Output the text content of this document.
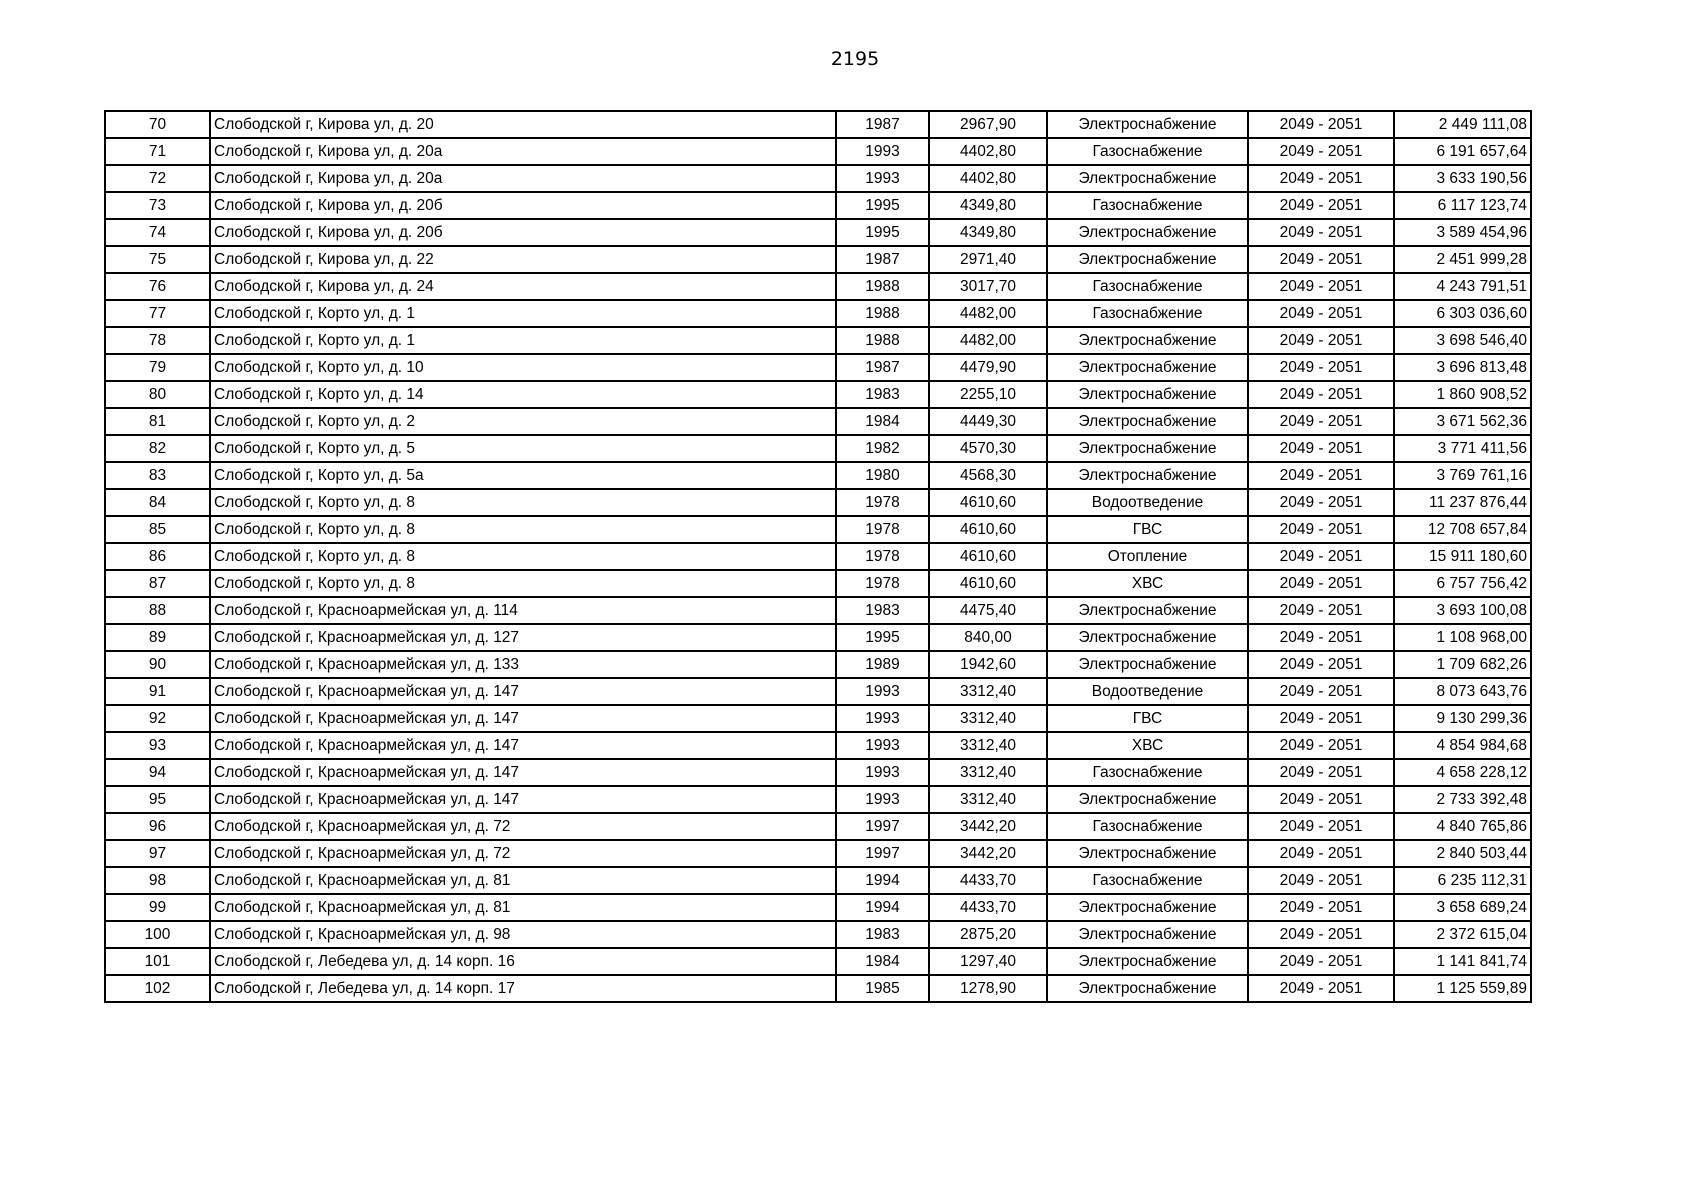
2195
70	Слободской г, Кирова ул, д. 20	1987	2967,90	Электроснабжение	2049 - 2051	2 449 111,08
71	Слободской г, Кирова ул, д. 20а	1993	4402,80	Газоснабжение	2049 - 2051	6 191 657,64
72	Слободской г, Кирова ул, д. 20а	1993	4402,80	Электроснабжение	2049 - 2051	3 633 190,56
73	Слободской г, Кирова ул, д. 20б	1995	4349,80	Газоснабжение	2049 - 2051	6 117 123,74
74	Слободской г, Кирова ул, д. 20б	1995	4349,80	Электроснабжение	2049 - 2051	3 589 454,96
75	Слободской г, Кирова ул, д. 22	1987	2971,40	Электроснабжение	2049 - 2051	2 451 999,28
76	Слободской г, Кирова ул, д. 24	1988	3017,70	Газоснабжение	2049 - 2051	4 243 791,51
77	Слободской г, Корто ул, д. 1	1988	4482,00	Газоснабжение	2049 - 2051	6 303 036,60
78	Слободской г, Корто ул, д. 1	1988	4482,00	Электроснабжение	2049 - 2051	3 698 546,40
79	Слободской г, Корто ул, д. 10	1987	4479,90	Электроснабжение	2049 - 2051	3 696 813,48
80	Слободской г, Корто ул, д. 14	1983	2255,10	Электроснабжение	2049 - 2051	1 860 908,52
81	Слободской г, Корто ул, д. 2	1984	4449,30	Электроснабжение	2049 - 2051	3 671 562,36
82	Слободской г, Корто ул, д. 5	1982	4570,30	Электроснабжение	2049 - 2051	3 771 411,56
83	Слободской г, Корто ул, д. 5а	1980	4568,30	Электроснабжение	2049 - 2051	3 769 761,16
84	Слободской г, Корто ул, д. 8	1978	4610,60	Водоотведение	2049 - 2051	11 237 876,44
85	Слободской г, Корто ул, д. 8	1978	4610,60	ГВС	2049 - 2051	12 708 657,84
86	Слободской г, Корто ул, д. 8	1978	4610,60	Отопление	2049 - 2051	15 911 180,60
87	Слободской г, Корто ул, д. 8	1978	4610,60	ХВС	2049 - 2051	6 757 756,42
88	Слободской г, Красноармейская ул, д. 114	1983	4475,40	Электроснабжение	2049 - 2051	3 693 100,08
89	Слободской г, Красноармейская ул, д. 127	1995	840,00	Электроснабжение	2049 - 2051	1 108 968,00
90	Слободской г, Красноармейская ул, д. 133	1989	1942,60	Электроснабжение	2049 - 2051	1 709 682,26
91	Слободской г, Красноармейская ул, д. 147	1993	3312,40	Водоотведение	2049 - 2051	8 073 643,76
92	Слободской г, Красноармейская ул, д. 147	1993	3312,40	ГВС	2049 - 2051	9 130 299,36
93	Слободской г, Красноармейская ул, д. 147	1993	3312,40	ХВС	2049 - 2051	4 854 984,68
94	Слободской г, Красноармейская ул, д. 147	1993	3312,40	Газоснабжение	2049 - 2051	4 658 228,12
95	Слободской г, Красноармейская ул, д. 147	1993	3312,40	Электроснабжение	2049 - 2051	2 733 392,48
96	Слободской г, Красноармейская ул, д. 72	1997	3442,20	Газоснабжение	2049 - 2051	4 840 765,86
97	Слободской г, Красноармейская ул, д. 72	1997	3442,20	Электроснабжение	2049 - 2051	2 840 503,44
98	Слободской г, Красноармейская ул, д. 81	1994	4433,70	Газоснабжение	2049 - 2051	6 235 112,31
99	Слободской г, Красноармейская ул, д. 81	1994	4433,70	Электроснабжение	2049 - 2051	3 658 689,24
100	Слободской г, Красноармейская ул, д. 98	1983	2875,20	Электроснабжение	2049 - 2051	2 372 615,04
101	Слободской г, Лебедева ул, д. 14 корп. 16	1984	1297,40	Электроснабжение	2049 - 2051	1 141 841,74
102	Слободской г, Лебедева ул, д. 14 корп. 17	1985	1278,90	Электроснабжение	2049 - 2051	1 125 559,89
